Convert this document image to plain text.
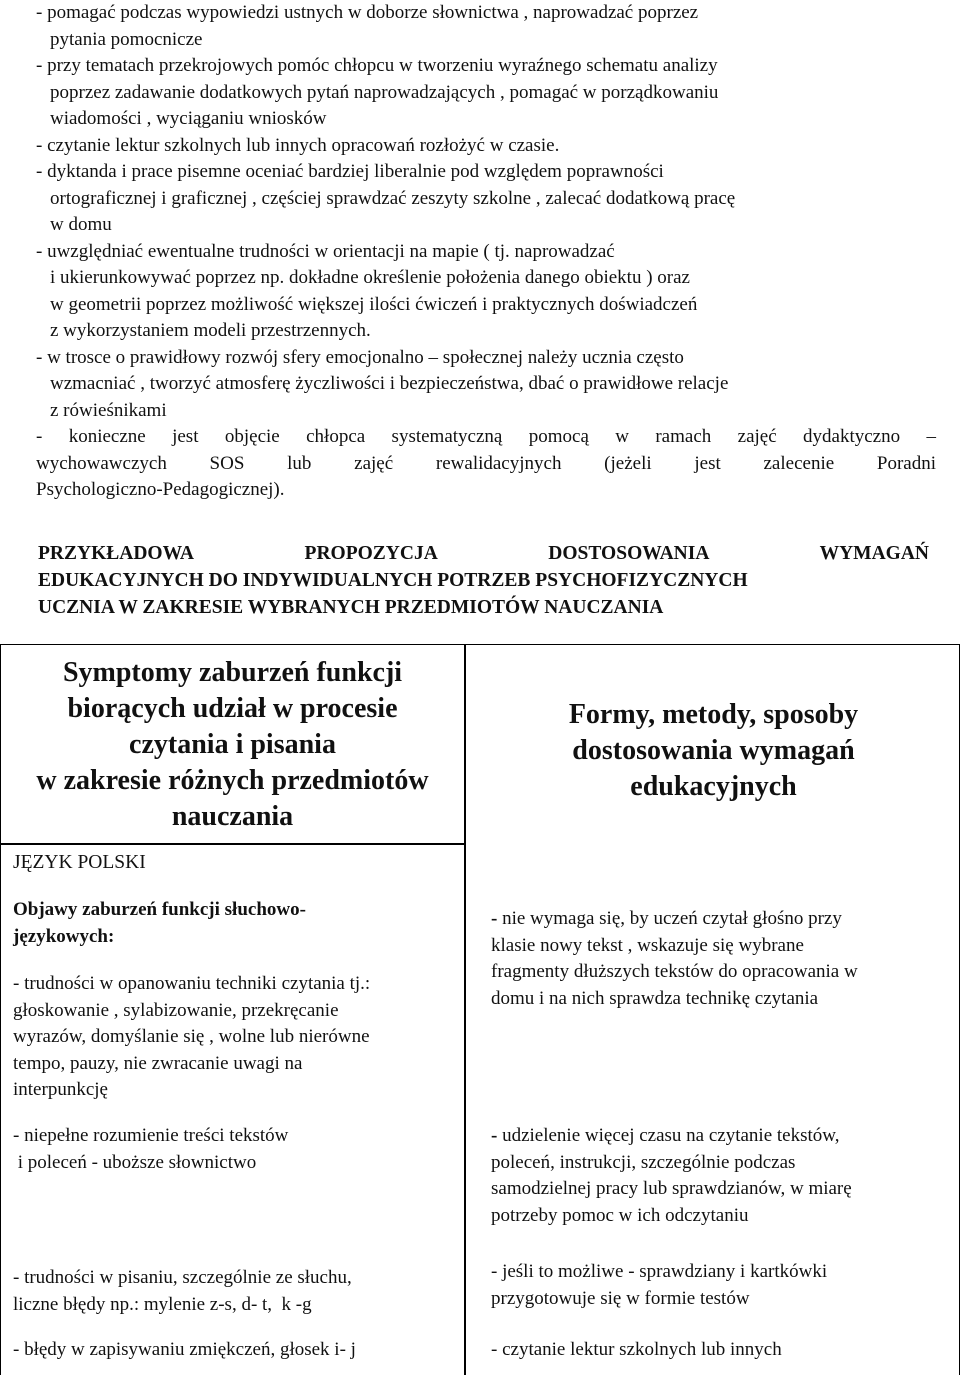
- pomagać podczas wypowiedzi ustnych w doborze słownictwa , naprowadzać poprzez

pytania pomocnicze

- przy tematach przekrojowych pomóc chłopcu w tworzeniu wyraźnego schematu analizy

poprzez zadawanie dodatkowych pytań naprowadzających , pomagać w porządkowaniu

wiadomości , wyciąganiu wniosków

- czytanie lektur szkolnych lub innych opracowań rozłożyć w czasie.

- dyktanda i prace pisemne oceniać bardziej liberalnie pod względem poprawności

ortograficznej i graficznej , częściej sprawdzać zeszyty szkolne , zalecać dodatkową pracę

w domu

- uwzględniać ewentualne trudności w orientacji na mapie ( tj. naprowadzać

i ukierunkowywać poprzez np. dokładne określenie położenia danego obiektu ) oraz

w geometrii poprzez możliwość większej ilości ćwiczeń i praktycznych doświadczeń

z wykorzystaniem modeli przestrzennych.

- w trosce o prawidłowy rozwój sfery emocjonalno – społecznej należy ucznia często

wzmacniać , tworzyć atmosferę życzliwości i bezpieczeństwa, dbać o prawidłowe relacje

z rówieśnikami

- konieczne jest objęcie chłopca systematyczną pomocą w ramach zajęć dydaktyczno –

wychowawczych SOS lub zajęć rewalidacyjnych (jeżeli jest zalecenie Poradni

Psychologiczno-Pedagogicznej).

PRZYKŁADOWA PROPOZYCJA DOSTOSOWANIA WYMAGAŃ
EDUKACYJNYCH DO INDYWIDUALNYCH POTRZEB PSYCHOFIZYCZNYCH
UCZNIA W ZAKRESIE WYBRANYCH PRZEDMIOTÓW NAUCZANIA
Symptomy zaburzeń funkcji
biorących udział w procesie
czytania i pisania
w zakresie różnych przedmiotów
nauczania
Formy, metody, sposoby
dostosowania wymagań
edukacyjnych
JĘZYK POLSKI

Objawy zaburzeń funkcji słuchowo-

językowych:

- trudności w opanowaniu techniki czytania tj.:

głoskowanie , sylabizowanie, przekręcanie

wyrazów, domyślanie się , wolne lub nierówne

tempo, pauzy, nie zwracanie uwagi na

interpunkcję

- niepełne rozumienie treści tekstów

i poleceń - uboższe słownictwo

- trudności w pisaniu, szczególnie ze słuchu,

liczne błędy np.: mylenie z-s, d- t,  k -g

- błędy w zapisywaniu zmiękczeń, głosek i- j

- nie wymaga się, by uczeń czytał głośno przy

klasie nowy tekst , wskazuje się wybrane

fragmenty dłuższych tekstów do opracowania w

domu i na nich sprawdza technikę czytania

- udzielenie więcej czasu na czytanie tekstów,

poleceń, instrukcji, szczególnie podczas

samodzielnej pracy lub sprawdzianów, w miarę

potrzeby pomoc w ich odczytaniu

- jeśli to możliwe - sprawdziany i kartkówki

przygotowuje się w formie testów

- czytanie lektur szkolnych lub innych
